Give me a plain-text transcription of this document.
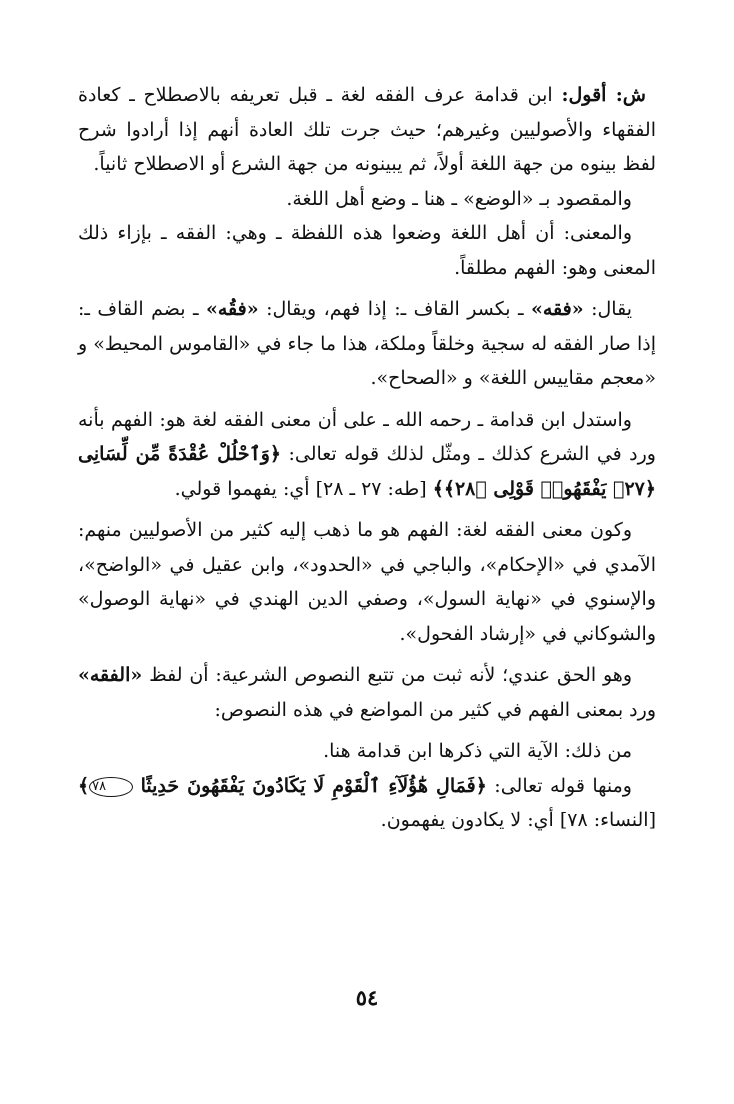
ش: أقول: ابن قدامة عرف الفقه لغة ـ قبل تعريفه بالاصطلاح ـ كعادة الفقهاء والأصوليين وغيرهم؛ حيث جرت تلك العادة أنهم إذا أرادوا شرح لفظ بينوه من جهة اللغة أولاً، ثم يبينونه من جهة الشرع أو الاصطلاح ثانياً.

والمقصود بـ «الوضع» ـ هنا ـ وضع أهل اللغة.

والمعنى: أن أهل اللغة وضعوا هذه اللفظة ـ وهي: الفقه ـ بإزاء ذلك المعنى وهو: الفهم مطلقاً.

يقال: «فقه» ـ بكسر القاف ـ: إذا فهم، ويقال: «فقُه» ـ بضم القاف ـ: إذا صار الفقه له سجية وخلقاً وملكة، هذا ما جاء في «القاموس المحيط» و «معجم مقاييس اللغة» و «الصحاح».

واستدل ابن قدامة ـ رحمه الله ـ على أن معنى الفقه لغة هو: الفهم بأنه ورد في الشرع كذلك ـ ومثّل لذلك قوله تعالى: ﴿وَٱحْلُلْ عُقْدَةً مِّن لِّسَانِى ﴿٢٧﴾ يَفْقَهُوا۟ قَوْلِى ﴿٢٨﴾﴾ [طه: ٢٧ ـ ٢٨] أي: يفهموا قولي.

وكون معنى الفقه لغة: الفهم هو ما ذهب إليه كثير من الأصوليين منهم: الآمدي في «الإحكام»، والباجي في «الحدود»، وابن عقيل في «الواضح»، والإسنوي في «نهاية السول»، وصفي الدين الهندي في «نهاية الوصول» والشوكاني في «إرشاد الفحول».

وهو الحق عندي؛ لأنه ثبت من تتبع النصوص الشرعية: أن لفظ «الفقه» ورد بمعنى الفهم في كثير من المواضع في هذه النصوص:

من ذلك: الآية التي ذكرها ابن قدامة هنا.

ومنها قوله تعالى: ﴿فَمَالِ هَٰٓؤُلَآءِ ٱلْقَوْمِ لَا يَكَادُونَ يَفْقَهُونَ حَدِيثًا ٧٨﴾ [النساء: ٧٨] أي: لا يكادون يفهمون.

٥٤
